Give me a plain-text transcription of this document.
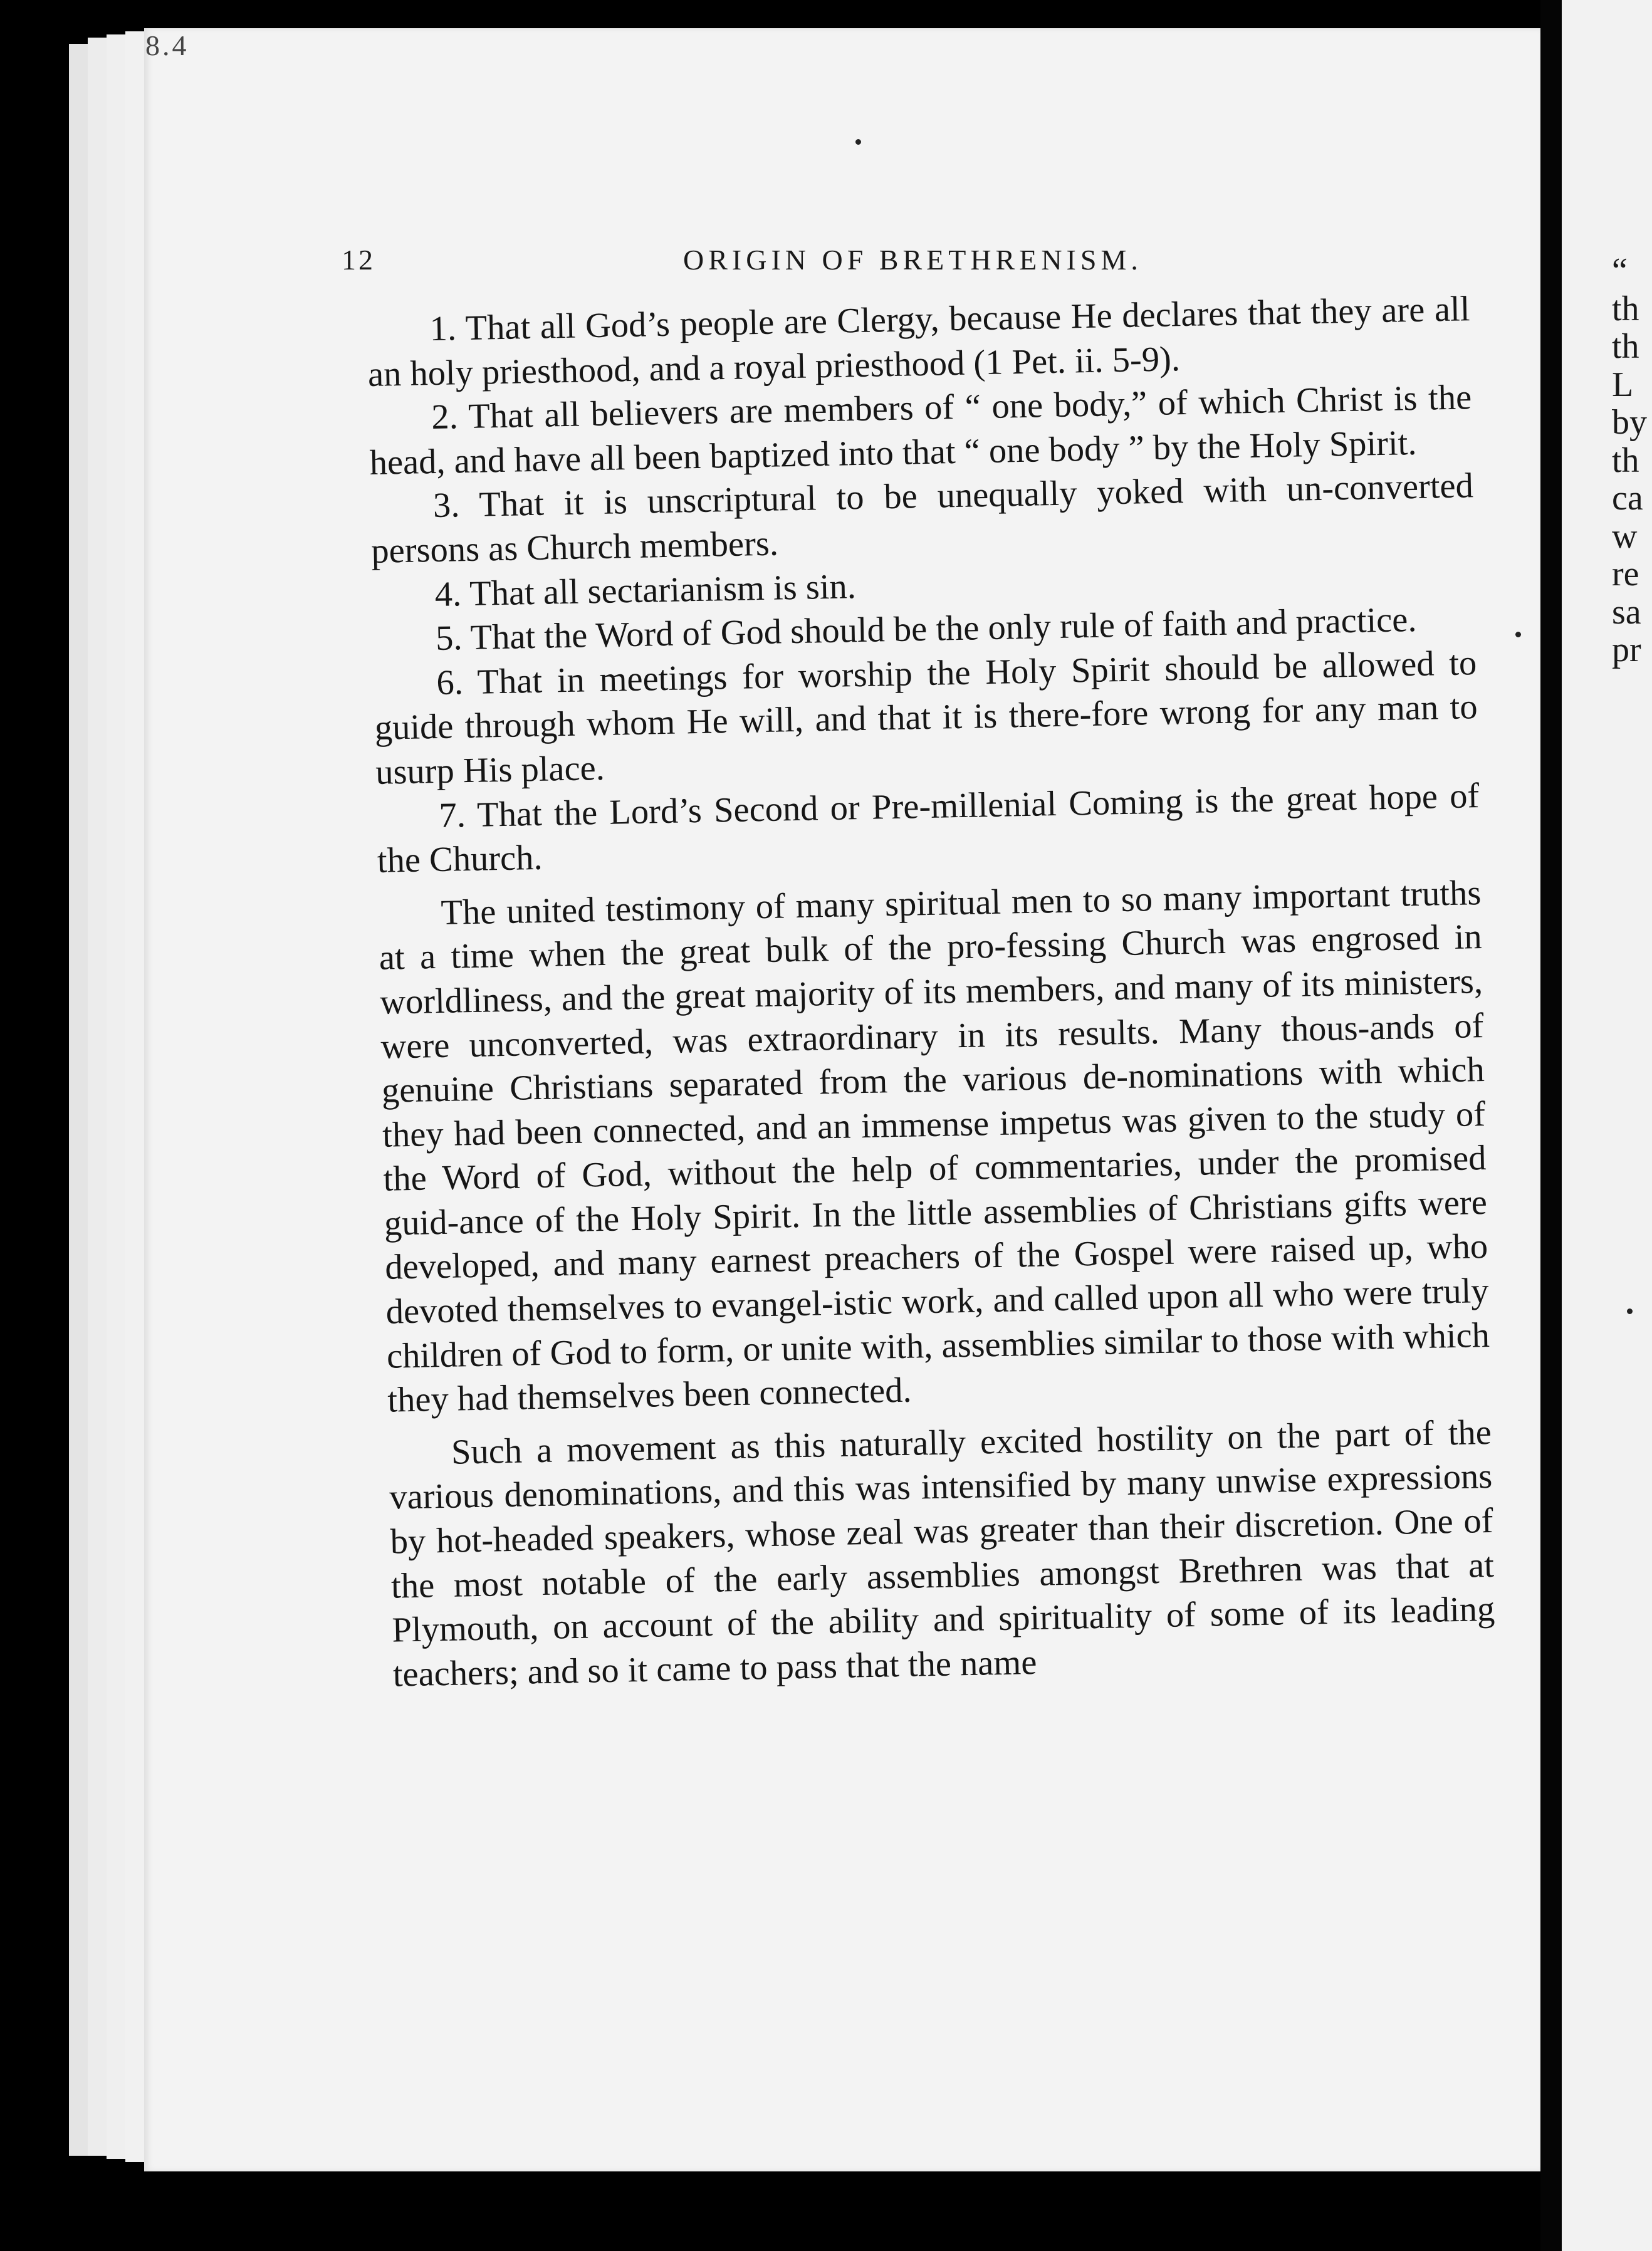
8.4
12	ORIGIN OF BRETHRENISM.

1. That all God’s people are Clergy, because He declares that they are all an holy priesthood, and a royal priesthood (1 Pet. ii. 5-9).

2. That all believers are members of “ one body,” of which Christ is the head, and have all been baptized into that “ one body ” by the Holy Spirit.

3. That it is unscriptural to be unequally yoked with un-converted persons as Church members.

4. That all sectarianism is sin.

5. That the Word of God should be the only rule of faith and practice.

6. That in meetings for worship the Holy Spirit should be allowed to guide through whom He will, and that it is there-fore wrong for any man to usurp His place.

7. That the Lord’s Second or Pre-millenial Coming is the great hope of the Church.

The united testimony of many spiritual men to so many important truths at a time when the great bulk of the pro-fessing Church was engrosed in worldliness, and the great majority of its members, and many of its ministers, were unconverted, was extraordinary in its results. Many thous-ands of genuine Christians separated from the various de-nominations with which they had been connected, and an immense impetus was given to the study of the Word of God, without the help of commentaries, under the promised guid-ance of the Holy Spirit. In the little assemblies of Christians gifts were developed, and many earnest preachers of the Gospel were raised up, who devoted themselves to evangel-istic work, and called upon all who were truly children of God to form, or unite with, assemblies similar to those with which they had themselves been connected.

Such a movement as this naturally excited hostility on the part of the various denominations, and this was intensified by many unwise expressions by hot-headed speakers, whose zeal was greater than their discretion. One of the most notable of the early assemblies amongst Brethren was that at Plymouth, on account of the ability and spirituality of some of its leading teachers; and so it came to pass that the name

“
th
th
L
by
th
ca
w
re
sa
pr
